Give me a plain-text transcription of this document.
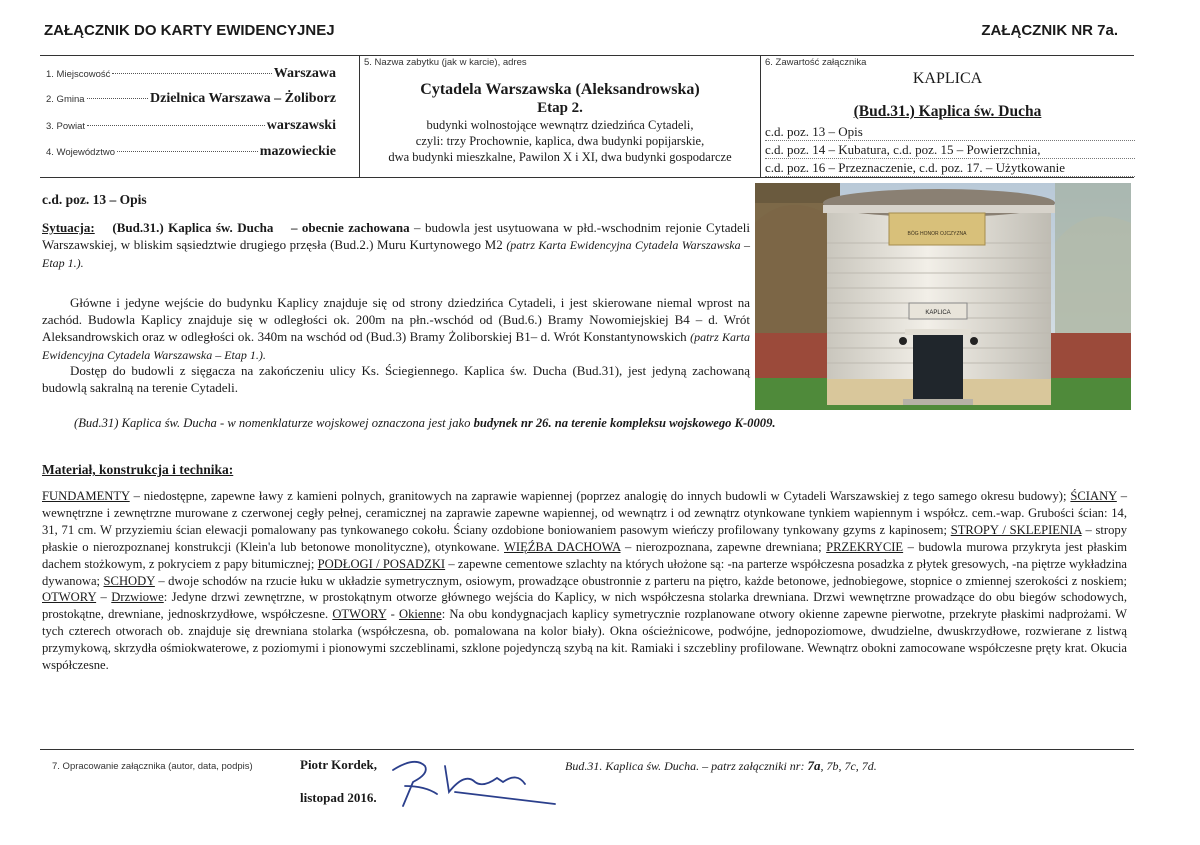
ZAŁĄCZNIK DO KARTY EWIDENCYJNEJ	ZAŁĄCZNIK NR 7a.
1. Miejscowość	Warszawa
2. Gmina	Dzielnica Warszawa – Żoliborz
3. Powiat	warszawski
4. Województwo	mazowieckie
5. Nazwa zabytku (jak w karcie), adres
Cytadela Warszawska (Aleksandrowska)
Etap 2.
budynki wolnostojące wewnątrz dziedzińca Cytadeli,
czyli: trzy Prochownie, kaplica, dwa budynki popijarskie,
dwa budynki mieszkalne, Pawilon X i XI, dwa budynki gospodarcze
6. Zawartość załącznika
KAPLICA
(Bud.31.) Kaplica św. Ducha
c.d. poz. 13 – Opis
c.d. poz. 14 – Kubatura, c.d. poz. 15 – Powierzchnia,
c.d. poz. 16 – Przeznaczenie, c.d. poz. 17. – Użytkowanie
c.d. poz. 13 – Opis
Sytuacja: (Bud.31.) Kaplica św. Ducha – obecnie zachowana – budowla jest usytuowana w płd.-wschodnim rejonie Cytadeli Warszawskiej, w bliskim sąsiedztwie drugiego przęsła (Bud.2.) Muru Kurtynowego M2 (patrz Karta Ewidencyjna Cytadela Warszawska – Etap 1.).
Główne i jedyne wejście do budynku Kaplicy znajduje się od strony dziedzińca Cytadeli, i jest skierowane niemal wprost na zachód. Budowla Kaplicy znajduje się w odległości ok. 200m na płn.-wschód od (Bud.6.) Bramy Nowomiejskiej B4 – d. Wrót Aleksandrowskich oraz w odległości ok. 340m na wschód od (Bud.3) Bramy Żoliborskiej B1– d. Wrót Konstantynowskich (patrz Karta Ewidencyjna Cytadela Warszawska – Etap 1.).
Dostęp do budowli z sięgacza na zakończeniu ulicy Ks. Ściegiennego. Kaplica św. Ducha (Bud.31), jest jedyną zachowaną budowlą sakralną na terenie Cytadeli.
(Bud.31) Kaplica św. Ducha - w nomenklaturze wojskowej oznaczona jest jako budynek nr 26. na terenie kompleksu wojskowego K-0009.
BÓG HONOR OJCZYZNA
KAPLICA
Materiał, konstrukcja i technika:
FUNDAMENTY – niedostępne, zapewne ławy z kamieni polnych, granitowych na zaprawie wapiennej (poprzez analogię do innych budowli w Cytadeli Warszawskiej z tego samego okresu budowy); ŚCIANY – wewnętrzne i zewnętrzne murowane z czerwonej cegły pełnej, ceramicznej na zaprawie zapewne wapiennej, od wewnątrz i od zewnątrz otynkowane tynkiem wapiennym i współcz. cem.-wap. Grubości ścian: 14, 31, 71 cm. W przyziemiu ścian elewacji pomalowany pas tynkowanego cokołu. Ściany ozdobione boniowaniem pasowym wieńczy profilowany tynkowany gzyms z kapinosem; STROPY / SKLEPIENIA – stropy płaskie o nierozpoznanej konstrukcji (Klein'a lub betonowe monolityczne), otynkowane. WIĘŹBA DACHOWA – nierozpoznana, zapewne drewniana; PRZEKRYCIE – budowla murowa przykryta jest płaskim dachem stożkowym, z pokryciem z papy bitumicznej; PODŁOGI / POSADZKI – zapewne cementowe szlachty na których ułożone są: -na parterze współczesna posadzka z płytek gresowych, -na piętrze wykładzina dywanowa; SCHODY – dwoje schodów na rzucie łuku w układzie symetrycznym, osiowym, prowadzące obustronnie z parteru na piętro, każde betonowe, jednobiegowe, stopnice o zmiennej szerokości z noskiem; OTWORY – Drzwiowe: Jedyne drzwi zewnętrzne, w prostokątnym otworze głównego wejścia do Kaplicy, w nich współczesna stolarka drewniana. Drzwi wewnętrzne prowadzące do obu biegów schodowych, prostokątne, drewniane, jednoskrzydłowe, współczesne. OTWORY - Okienne: Na obu kondygnacjach kaplicy symetrycznie rozplanowane otwory okienne zapewne pierwotne, przekryte płaskimi nadprożami. W tych czterech otworach ob. znajduje się drewniana stolarka (współczesna, ob. pomalowana na kolor biały). Okna ościeżnicowe, podwójne, jednopoziomowe, dwudzielne, dwuskrzydłowe, rozwierane z listwą przymykową, skrzydła ośmiokwaterowe, z poziomymi i pionowymi szczeblinami, szklone pojedynczą szybą na kit. Ramiaki i szczebliny profilowane. Wewnątrz obokni zamocowane współczesne pręty krat. Okucia współczesne.
7. Opracowanie załącznika (autor, data, podpis)	Piotr Kordek,
listopad 2016.
Bud.31. Kaplica św. Ducha. – patrz załączniki nr: 7a, 7b, 7c, 7d.
